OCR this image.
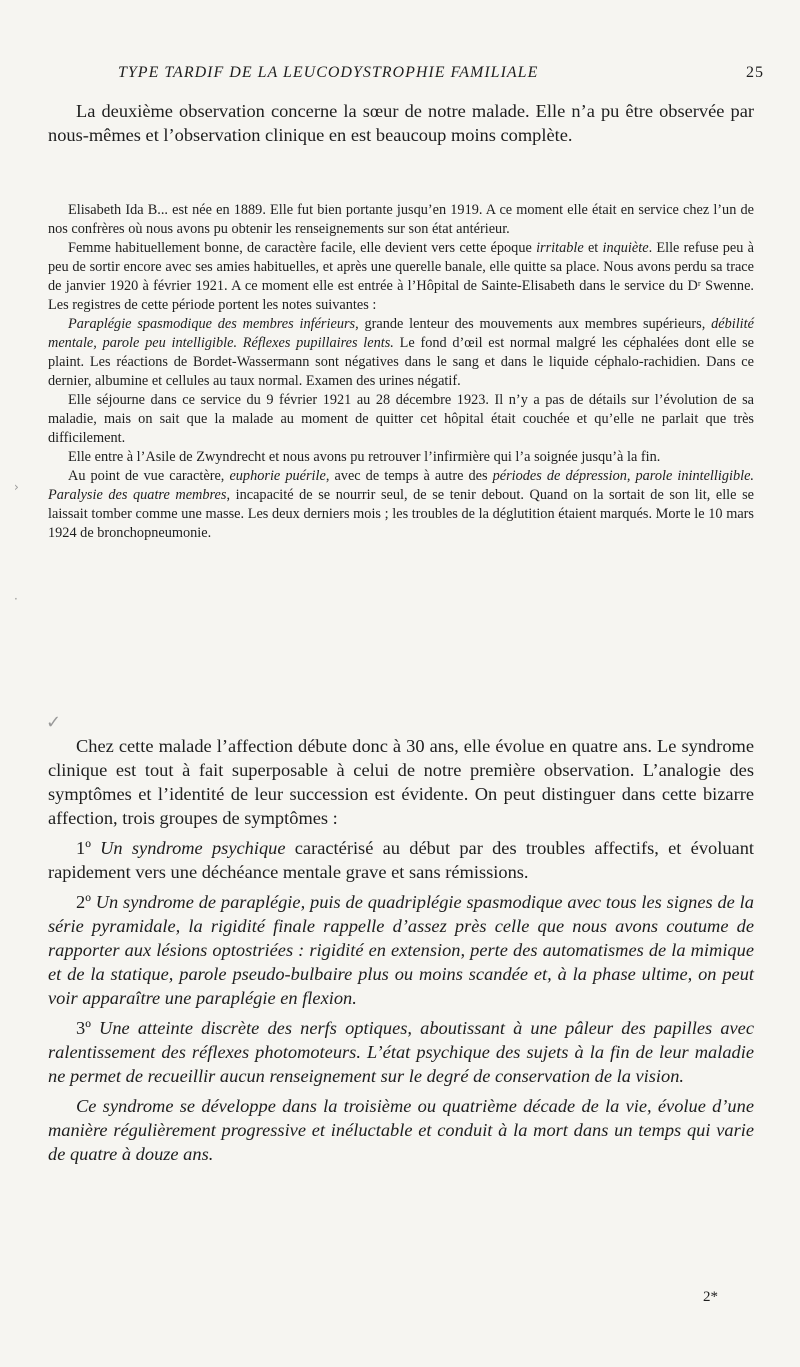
TYPE TARDIF DE LA LEUCODYSTROPHIE FAMILIALE	25

La deuxième observation concerne la sœur de notre malade. Elle n’a pu être observée par nous-mêmes et l’observation clinique en est beaucoup moins complète.

Elisabeth Ida B... est née en 1889. Elle fut bien portante jusqu’en 1919. A ce moment elle était en service chez l’un de nos confrères où nous avons pu obtenir les renseignements sur son état antérieur.

Femme habituellement bonne, de caractère facile, elle devient vers cette époque irritable et inquiète. Elle refuse peu à peu de sortir encore avec ses amies habituelles, et après une querelle banale, elle quitte sa place. Nous avons perdu sa trace de janvier 1920 à février 1921. A ce moment elle est entrée à l’Hôpital de Sainte-Elisabeth dans le service du Dʳ Swenne. Les registres de cette période portent les notes suivantes :

Paraplégie spasmodique des membres inférieurs, grande lenteur des mouvements aux membres supérieurs, débilité mentale, parole peu intelligible. Réflexes pupillaires lents. Le fond d’œil est normal malgré les céphalées dont elle se plaint. Les réactions de Bordet-Wassermann sont négatives dans le sang et dans le liquide céphalo-rachidien. Dans ce dernier, albumine et cellules au taux normal. Examen des urines négatif.

Elle séjourne dans ce service du 9 février 1921 au 28 décembre 1923. Il n’y a pas de détails sur l’évolution de sa maladie, mais on sait que la malade au moment de quitter cet hôpital était couchée et qu’elle ne parlait que très difficilement.

Elle entre à l’Asile de Zwyndrecht et nous avons pu retrouver l’infirmière qui l’a soignée jusqu’à la fin.

Au point de vue caractère, euphorie puérile, avec de temps à autre des périodes de dépression, parole inintelligible. Paralysie des quatre membres, incapacité de se nourrir seul, de se tenir debout. Quand on la sortait de son lit, elle se laissait tomber comme une masse. Les deux derniers mois ; les troubles de la déglutition étaient marqués. Morte le 10 mars 1924 de bronchopneumonie.

Chez cette malade l’affection débute donc à 30 ans, elle évolue en quatre ans. Le syndrome clinique est tout à fait superposable à celui de notre première observation. L’analogie des symptômes et l’identité de leur succession est évidente. On peut distinguer dans cette bizarre affection, trois groupes de symptômes :

1º Un syndrome psychique caractérisé au début par des troubles affectifs, et évoluant rapidement vers une déchéance mentale grave et sans rémissions.

2º Un syndrome de paraplégie, puis de quadriplégie spasmodique avec tous les signes de la série pyramidale, la rigidité finale rappelle d’assez près celle que nous avons coutume de rapporter aux lésions optostriées : rigidité en extension, perte des automatismes de la mimique et de la statique, parole pseudo-bulbaire plus ou moins scandée et, à la phase ultime, on peut voir apparaître une paraplégie en flexion.

3º Une atteinte discrète des nerfs optiques, aboutissant à une pâleur des papilles avec ralentissement des réflexes photomoteurs. L’état psychique des sujets à la fin de leur maladie ne permet de recueillir aucun renseignement sur le degré de conservation de la vision.

Ce syndrome se développe dans la troisième ou quatrième décade de la vie, évolue d’une manière régulièrement progressive et inéluctable et conduit à la mort dans un temps qui varie de quatre à douze ans.

2*
›
·
✓
